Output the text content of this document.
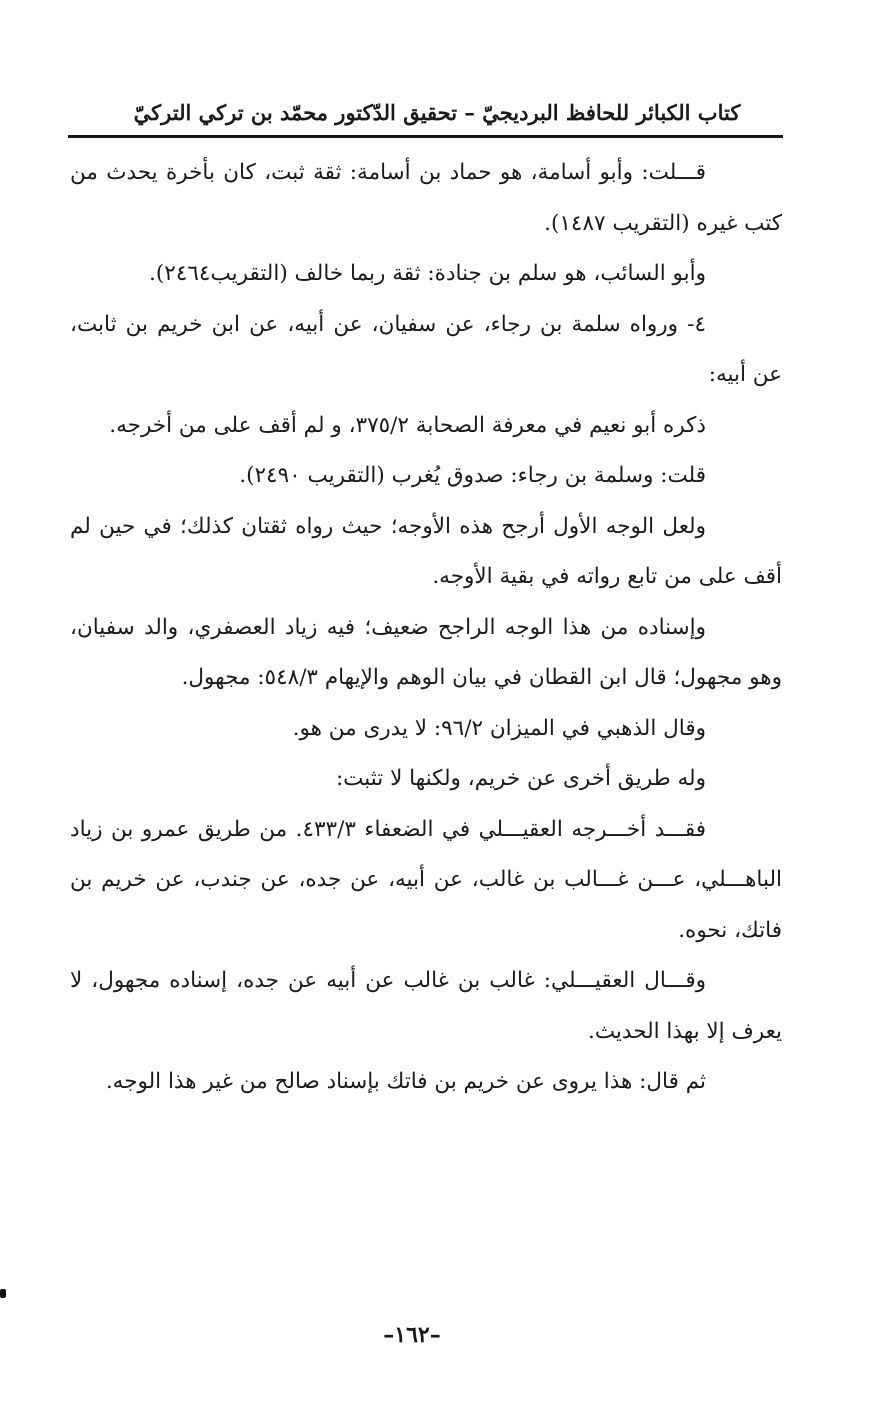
كتاب الكبائر للحافظ البرديجيّ – تحقيق الدّكتور محمّد بن تركي التركيّ

قـــلت: وأبو أسامة، هو حماد بن أسامة: ثقة ثبت، كان بأخرة يحدث من كتب غيره (التقريب ١٤٨٧).

وأبو السائب، هو سلم بن جنادة: ثقة ربما خالف (التقريب٢٤٦٤).

٤- ورواه سلمة بن رجاء، عن سفيان، عن أبيه، عن ابن خريم بن ثابت، عن أبيه:

ذكره أبو نعيم في معرفة الصحابة ٣٧٥/٢، و لم أقف على من أخرجه.

قلت: وسلمة بن رجاء: صدوق يُغرب (التقريب ٢٤٩٠).

ولعل الوجه الأول أرجح هذه الأوجه؛ حيث رواه ثقتان كذلك؛ في حين لم أقف على من تابع رواته في بقية الأوجه.

وإسناده من هذا الوجه الراجح ضعيف؛ فيه زياد العصفري، والد سفيان، وهو مجهول؛ قال ابن القطان في بيان الوهم والإيهام ٥٤٨/٣: مجهول.

وقال الذهبي في الميزان ٩٦/٢: لا يدرى من هو.

وله طريق أخرى عن خريم، ولكنها لا تثبت:

فقـــد أخـــرجه العقيـــلي في الضعفاء ٤٣٣/٣. من طريق عمرو بن زياد الباهـــلي، عـــن غـــالب بن غالب، عن أبيه، عن جده، عن جندب، عن خريم بن فاتك، نحوه.

وقـــال العقيـــلي: غالب بن غالب عن أبيه عن جده، إسناده مجهول، لا يعرف إلا بهذا الحديث.

ثم قال: هذا يروى عن خريم بن فاتك بإسناد صالح من غير هذا الوجه.

–١٦٢–
